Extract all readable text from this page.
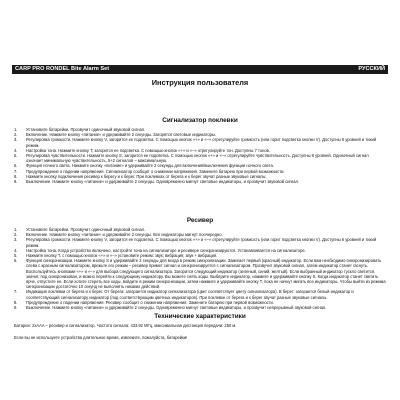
CARP PRO RONDEL Bite Alarm Set	РУССКИЙ
Инструкция пользователя
Сигнализатор поклевки
1. Установите батарейки. Прозвучит одиночный звуковой сигнал.
2. Включение. Нажмите кнопку «питание» и удерживайте 2 секунды. Загорятся световые индикаторы.
3. Регулировка громкости. Нажмите кнопку V, загорится ее подсветка. С помощью кнопок «+» и «–» отрегулируйте громкость (или горит подсветка кнопки V). Доступны 6 уровней и тихий режим.
4. Настройка тона. Нажмите кнопку T, загорится ее подсветка. С помощью кнопок «+» и «–» отрегулируйте тон. Доступны 7 тонов.
5. Регулировка чувствительности. Нажмите кнопку S, загорится ее подсветка. С помощью кнопок «+» и «–» отрегулируйте чувствительность. Доступны 8 уровней. Одиночный сигнал означает минимальную чувствительность, 5+2 сигналов – максимальную.
6. Функция ночного света. Нажмите кнопку «питание» и удерживайте 2 секунды для включения/выключения функции ночного света.
7. Предупреждение о падении напряжения. Сигнализатор сообщит о снижении напряжения. Замените батарею при первой возможности.
8. Нажмите кнопку подключения ресивер к берегу и к берег. При поклевках от берега и к берег звучат разные звуковые сигналы.
9. Выключение. Нажмите кнопку «питание» и удерживайте 2 секунды. Одновременно мигнут световые индикаторы, и прозвучит звуковой сигнал.
Ресивер
1. Установите батарейки. Прозвучит одиночный звуковой сигнал.
2. Включение. Нажмите кнопку «питание» и удерживайте 2 секунды. Все индикаторы мигнут поочередно.
3. Регулировка громкости. Нажмите кнопку V, загорится ее подсветка. С помощью кнопок «+» и «–» отрегулируйте громкость (или горит подсветка кнопки V). Доступны 6 уровней и тихий режим.
4. Настройка тона. Когда устройство включено, настройте тона на сигнализаторе и ресивере синхронизируются. Устанавливается на сигнализаторе.
5. Нажмите кнопку T, с помощью кнопок «+» и «–» установите режим: звук; вибрация; звук + вибрация.
6. Функция синхронизации. Нажмите кнопку S и удерживайте 2 секунды для входа в режим синхронизации. Замигает первый (красный) индикатор. Если вам необходимо синхронизировать слева с красным сигнализатором, врежьте его режим – ресивер примет сигнал и синхронизируется с сигнализатором. Прозвучит звуковой сигнал, затем индикатор станет гаснуть. Воспользуйтесь кнопками «+» и «–» для выбора следующего сигнализатора. Загорится следующий индикатор (зеленый, синий, желтый). Если выбранный индикатор тускло светится, значит, под синхронизован, и можно перейти к следующему индикатору. Вы можете снять коды. Выберите индикатор, нажмите и удерживайте кнопку S. Когда индикатор станет светить ярче, отпустите ее. Если хотите стереть все коды, войдите в режим синхронизации, затем нажмите и удерживайте кнопку T, пока не начнут мигать все индикаторы. Чтобы выйти из режима синхронизации достаточно 10 секунд не выполнять никаких действий.
7. Индикация поклевки от берега и к берег. От берега: загорается индикатор сигнализатора (цвет соответствует цвету сигнализатора). В берег: загорается белый индикатор и соответствующий сигнализатору индикатор (под соответствующим цветных индикаторов). При поклевке от берега и к берег звучат разные звуковые сигналы.
8. Предупреждение о падении напряжения. Ресивер сообщит о снижении напряжения. Замените батарею при первой возможности.
9. Выключение. Нажмите кнопку «питание» и удерживайте 2 секунды. Одновременно мигнут световые индикаторы, и прозвучит непрерывный звуковой сигнал.
Технические характеристики
Батареи: 2xAAA – ресивер и сигнализатор. Частота сигнала: 433.92 МГц, максимальная дистанция передачи: 250 м.
Если вы не используете устройства длительное время, извлеките, пожалуйста, батарейки!
